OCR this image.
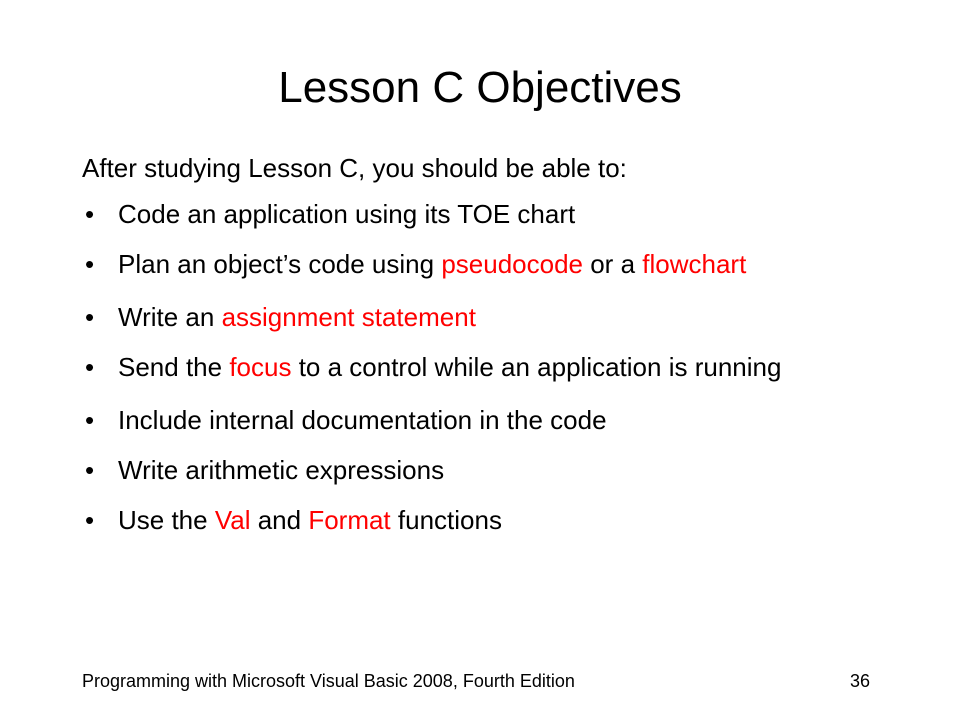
Lesson C Objectives
After studying Lesson C, you should be able to:
• Code an application using its TOE chart
• Plan an object’s code using pseudocode or a flowchart
• Write an assignment statement
• Send the focus to a control while an application is running
• Include internal documentation in the code
• Write arithmetic expressions
• Use the Val and Format functions
Programming with Microsoft Visual Basic 2008, Fourth Edition	36
